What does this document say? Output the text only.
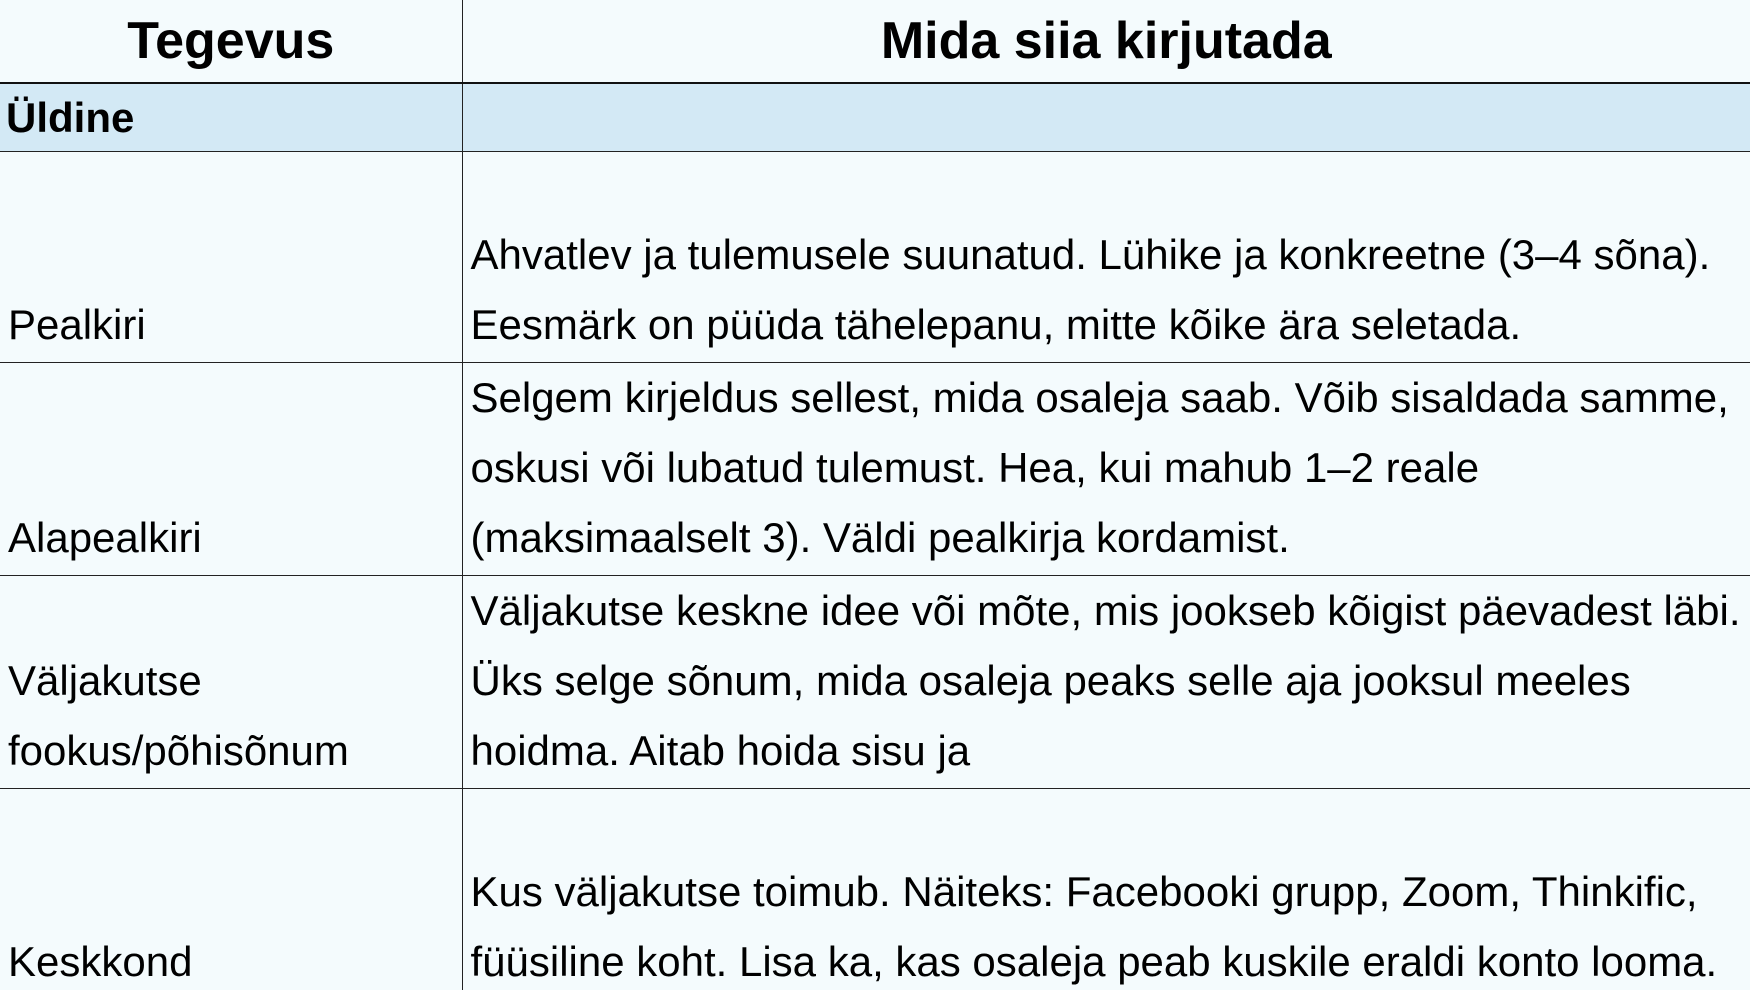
Tegevus	Mida siia kirjutada
Üldine	
Pealkiri	Ahvatlev ja tulemusele suunatud. Lühike ja konkreetne (3–4 sõna). Eesmärk on püüda tähelepanu, mitte kõike ära seletada.
Alapealkiri	Selgem kirjeldus sellest, mida osaleja saab. Võib sisaldada samme, oskusi või lubatud tulemust. Hea, kui mahub 1–2 reale (maksimaalselt 3). Väldi pealkirja kordamist.
Väljakutse fookus/põhisõnum	Väljakutse keskne idee või mõte, mis jookseb kõigist päevadest läbi. Üks selge sõnum, mida osaleja peaks selle aja jooksul meeles hoidma. Aitab hoida sisu ja
Keskkond	Kus väljakutse toimub. Näiteks: Facebooki grupp, Zoom, Thinkific, füüsiline koht. Lisa ka, kas osaleja peab kuskile eraldi konto looma.
